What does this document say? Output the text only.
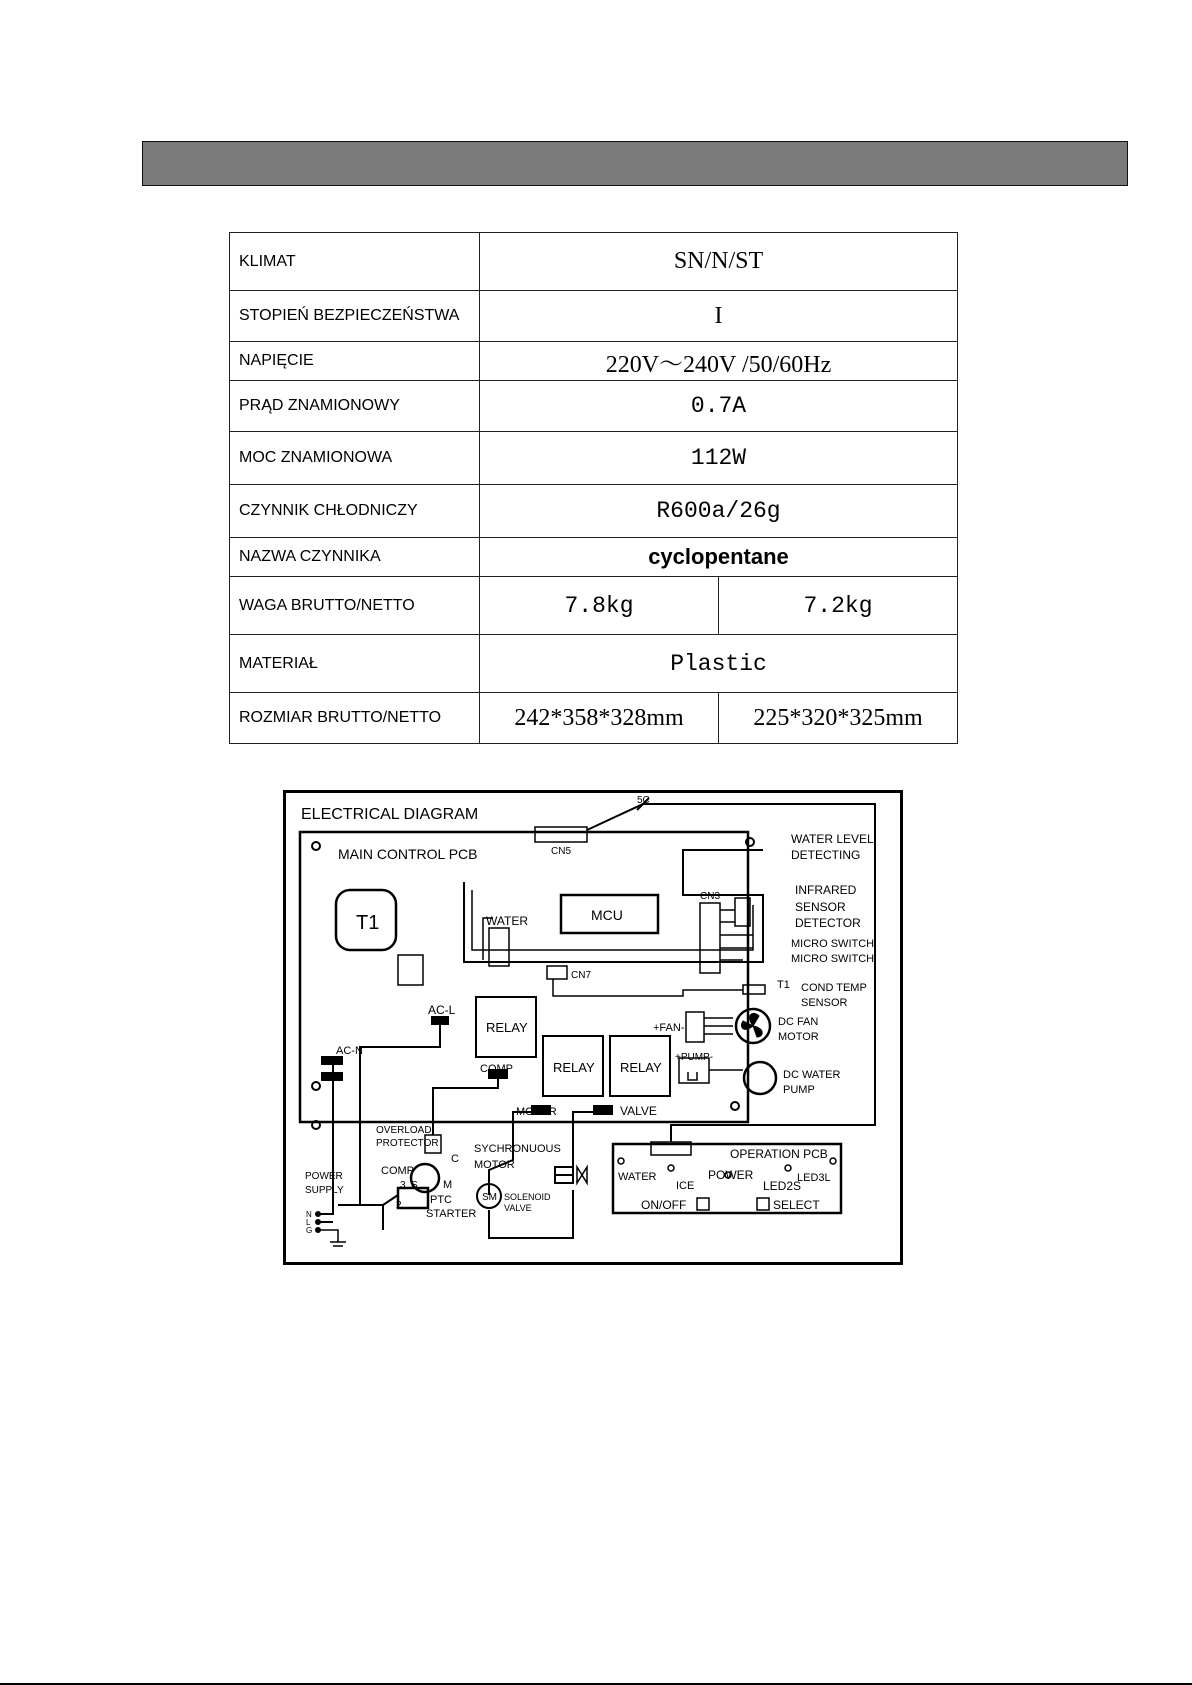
KLIMAT	SN/N/ST	
STOPIEŃ BEZPIECZEŃSTWA	I	
NAPIĘCIE	220V～240V /50/60Hz	
PRĄD ZNAMIONOWY	0.7A	
MOC ZNAMIONOWA	112W	
CZYNNIK CHŁODNICZY	R600a/26g	
NAZWA CZYNNIKA	cyclopentane	
WAGA BRUTTO/NETTO	7.8kg	7.2kg
MATERIAŁ	Plastic	
ROZMIAR BRUTTO/NETTO	242*358*328mm	225*320*325mm
ELECTRICAL DIAGRAM
MAIN CONTROL PCB
T1	MCU
WATER
CN5
5C
CN3
CN7
WATER LEVEL
DETECTING
INFRARED
SENSOR
DETECTOR
MICRO SWITCH
MICRO SWITCH
T1 COND TEMP
SENSOR
+FAN-	DC FAN
MOTOR
+PUMP-
DC WATER
PUMP
RELAY
RELAY RELAY
AC-L
AC-N
COMP
MOTOR	VALVE
OVERLOAD
PROTECTOR	SYCHRONUOUS
MOTOR
COMP
C
M
S
3
2	PTC
STARTER
SM SOLENOID
VALVE
POWER
SUPPLY
N
L
G
OPERATION PCB
WATER
ICE
POWER	LED3L
LED2S
ON/OFF	SELECT
